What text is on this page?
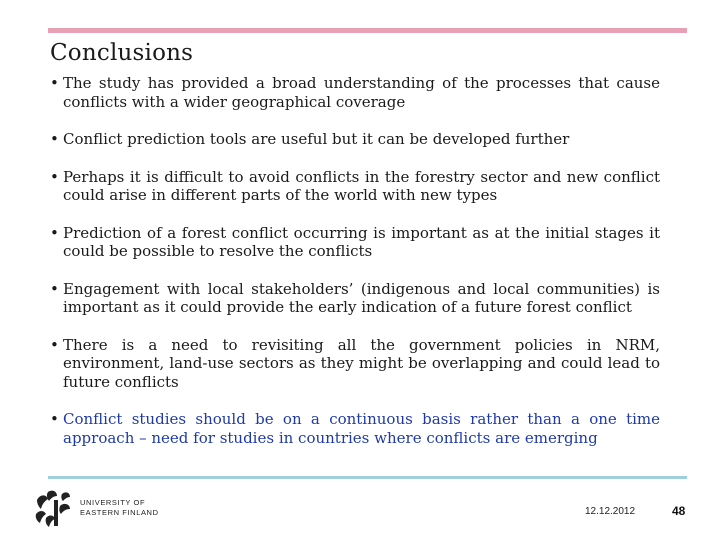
Conclusions
• The study has provided a broad understanding of the processes that cause conflicts with a wider geographical coverage
• Conflict prediction tools are useful but it can be developed further
• Perhaps it is difficult to avoid conflicts in the forestry sector and new conflict could arise in different parts of the world with new types
• Prediction of a forest conflict occurring is important as at the initial stages it could be possible to resolve the conflicts
• Engagement with local stakeholders’ (indigenous and local communities) is important as it could provide the early indication of a future forest conflict
• There is a need to revisiting all the government policies in NRM, environment, land-use sectors as they might be overlapping and could lead to future conflicts
• Conflict studies should be on a continuous basis rather than a one time approach – need for studies in countries where conflicts are emerging
UNIVERSITY OF
EASTERN FINLAND	12.12.2012	48
